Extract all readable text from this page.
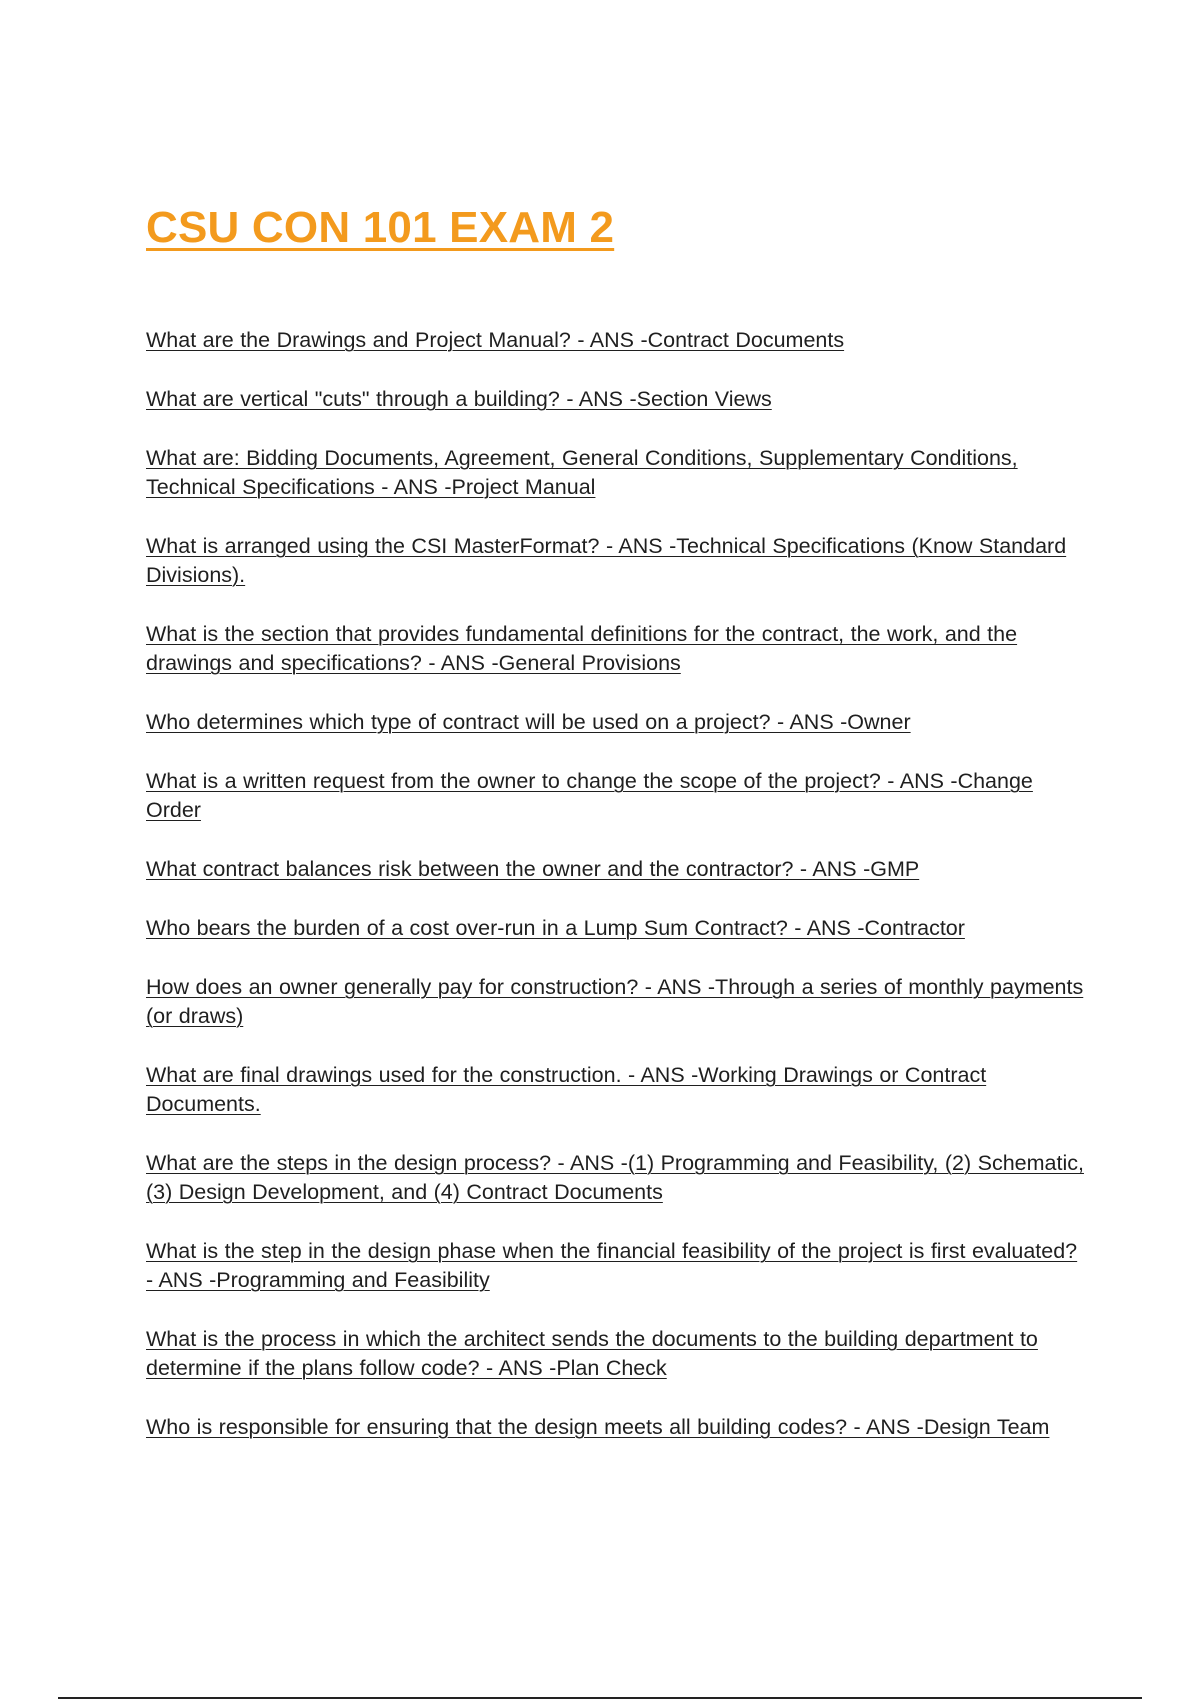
CSU CON 101 EXAM 2
What are the Drawings and Project Manual? - ANS -Contract Documents
What are vertical "cuts" through a building? - ANS -Section Views
What are: Bidding Documents, Agreement, General Conditions, Supplementary Conditions, Technical Specifications - ANS -Project Manual
What is arranged using the CSI MasterFormat? - ANS -Technical Specifications (Know Standard Divisions).
What is the section that provides fundamental definitions for the contract, the work, and the drawings and specifications? - ANS -General Provisions
Who determines which type of contract will be used on a project? - ANS -Owner
What is a written request from the owner to change the scope of the project? - ANS -Change Order
What contract balances risk between the owner and the contractor? - ANS -GMP
Who bears the burden of a cost over-run in a Lump Sum Contract? - ANS -Contractor
How does an owner generally pay for construction? - ANS -Through a series of monthly payments (or draws)
What are final drawings used for the construction. - ANS -Working Drawings or Contract Documents.
What are the steps in the design process? - ANS -(1) Programming and Feasibility, (2) Schematic, (3) Design Development, and (4) Contract Documents
What is the step in the design phase when the financial feasibility of the project is first evaluated? - ANS -Programming and Feasibility
What is the process in which the architect sends the documents to the building department to determine if the plans follow code? - ANS -Plan Check
Who is responsible for ensuring that the design meets all building codes? - ANS -Design Team
